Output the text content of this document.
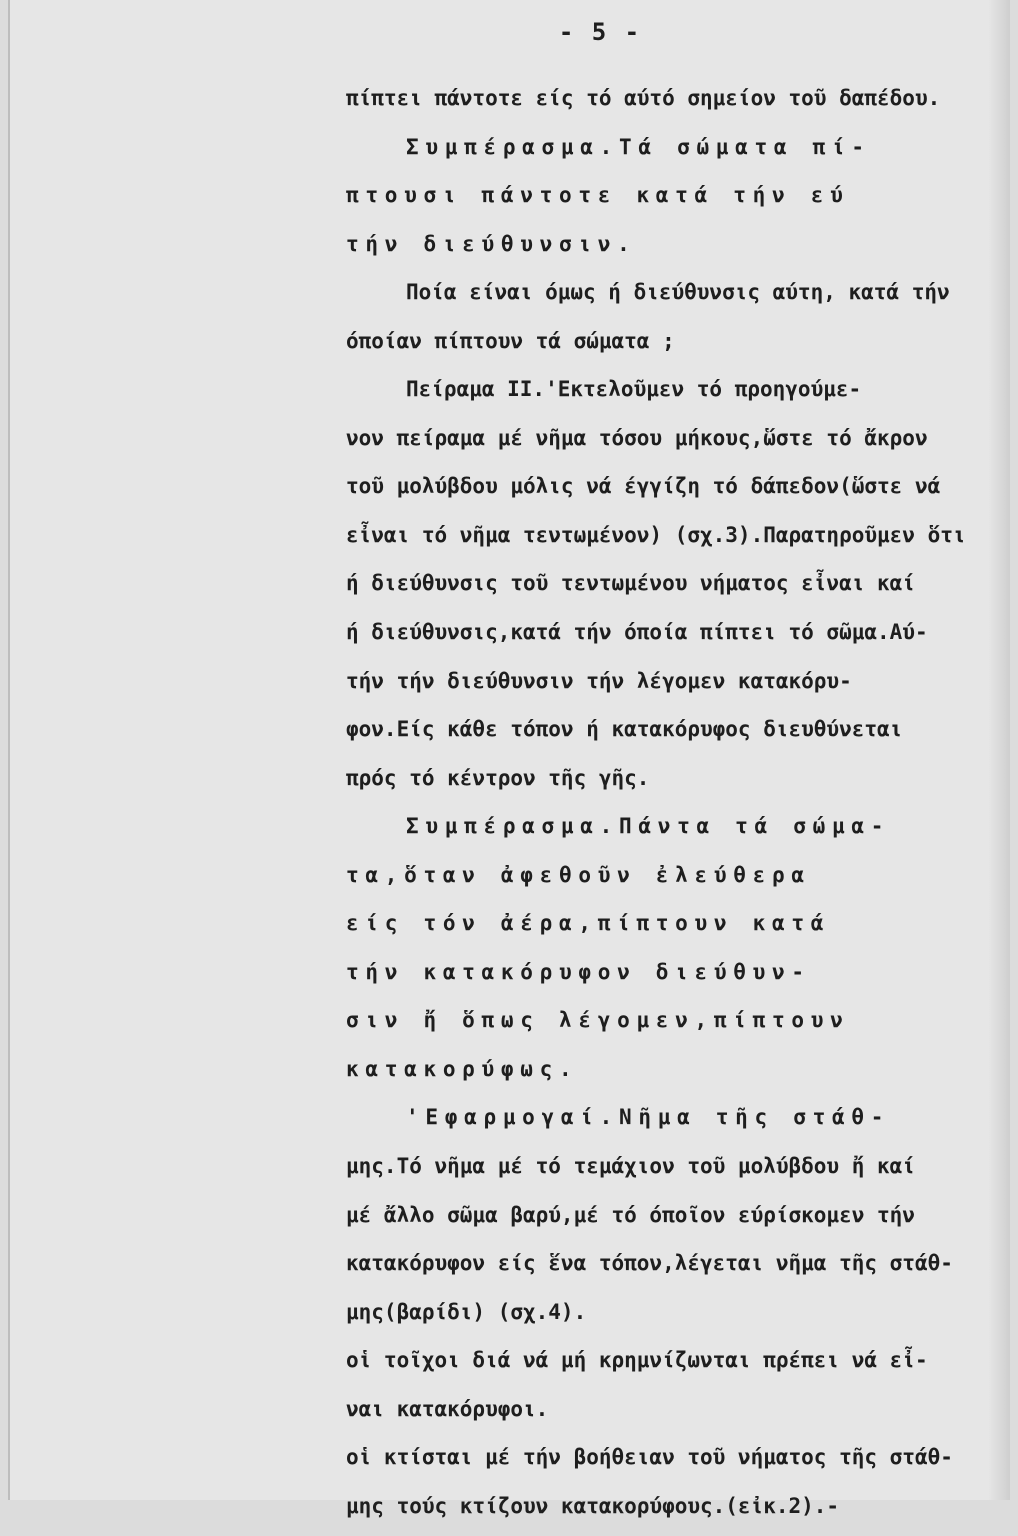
- 5 -
πίπτει πάντοτε είς τό αύτό σημείον τοῦ δαπέδου.
Συμπέρασμα.Τά σώματα πί-
πτουσι πάντοτε κατά τήν εύ
τήν διεύθυνσιν.
Ποία είναι όμως ή διεύθυνσις αύτη, κατά τήν
όποίαν πίπτουν τά σώματα ;
Πείραμα II.'Εκτελοῦμεν τό προηγούμε-
νον πείραμα μέ νῆμα τόσου μήκους,ὥστε τό ἄκρον
τοῦ μολύβδου μόλις νά έγγίζη τό δάπεδον(ὥστε νά
εἶναι τό νῆμα τεντωμένον) (σχ.3).Παρατηροῦμεν ὅτι
ή διεύθυνσις τοῦ τεντωμένου νήματος εἶναι καί
ή διεύθυνσις,κατά τήν όποία πίπτει τό σῶμα.Αύ-
τήν τήν διεύθυνσιν τήν λέγομεν κατακόρυ-
φον.Είς κάθε τόπον ή κατακόρυφος διευθύνεται
πρός τό κέντρον τῆς γῆς.
Συμπέρασμα.Πάντα τά σώμα-
τα,ὅταν ἀφεθοῦν ἐλεύθερα
είς τόν ἀέρα,πίπτουν κατά
τήν κατακόρυφον διεύθυν-
σιν ἤ ὅπως λέγομεν,πίπτουν
κατακορύφως.
'Εφαρμογαί.Νῆμα τῆς στάθ-
μης.Τό νῆμα μέ τό τεμάχιον τοῦ μολύβδου ἤ καί
μέ ἄλλο σῶμα βαρύ,μέ τό όποῖον εύρίσκομεν τήν
κατακόρυφον είς ἕνα τόπον,λέγεται νῆμα τῆς στάθ-
μης(βαρίδι) (σχ.4).
οἱ τοῖχοι διά νά μή κρημνίζωνται πρέπει νά εἶ-
ναι κατακόρυφοι.
οἱ κτίσται μέ τήν βοήθειαν τοῦ νήματος τῆς στάθ-
μης τούς κτίζουν κατακορύφους.(εἰκ.2).-
